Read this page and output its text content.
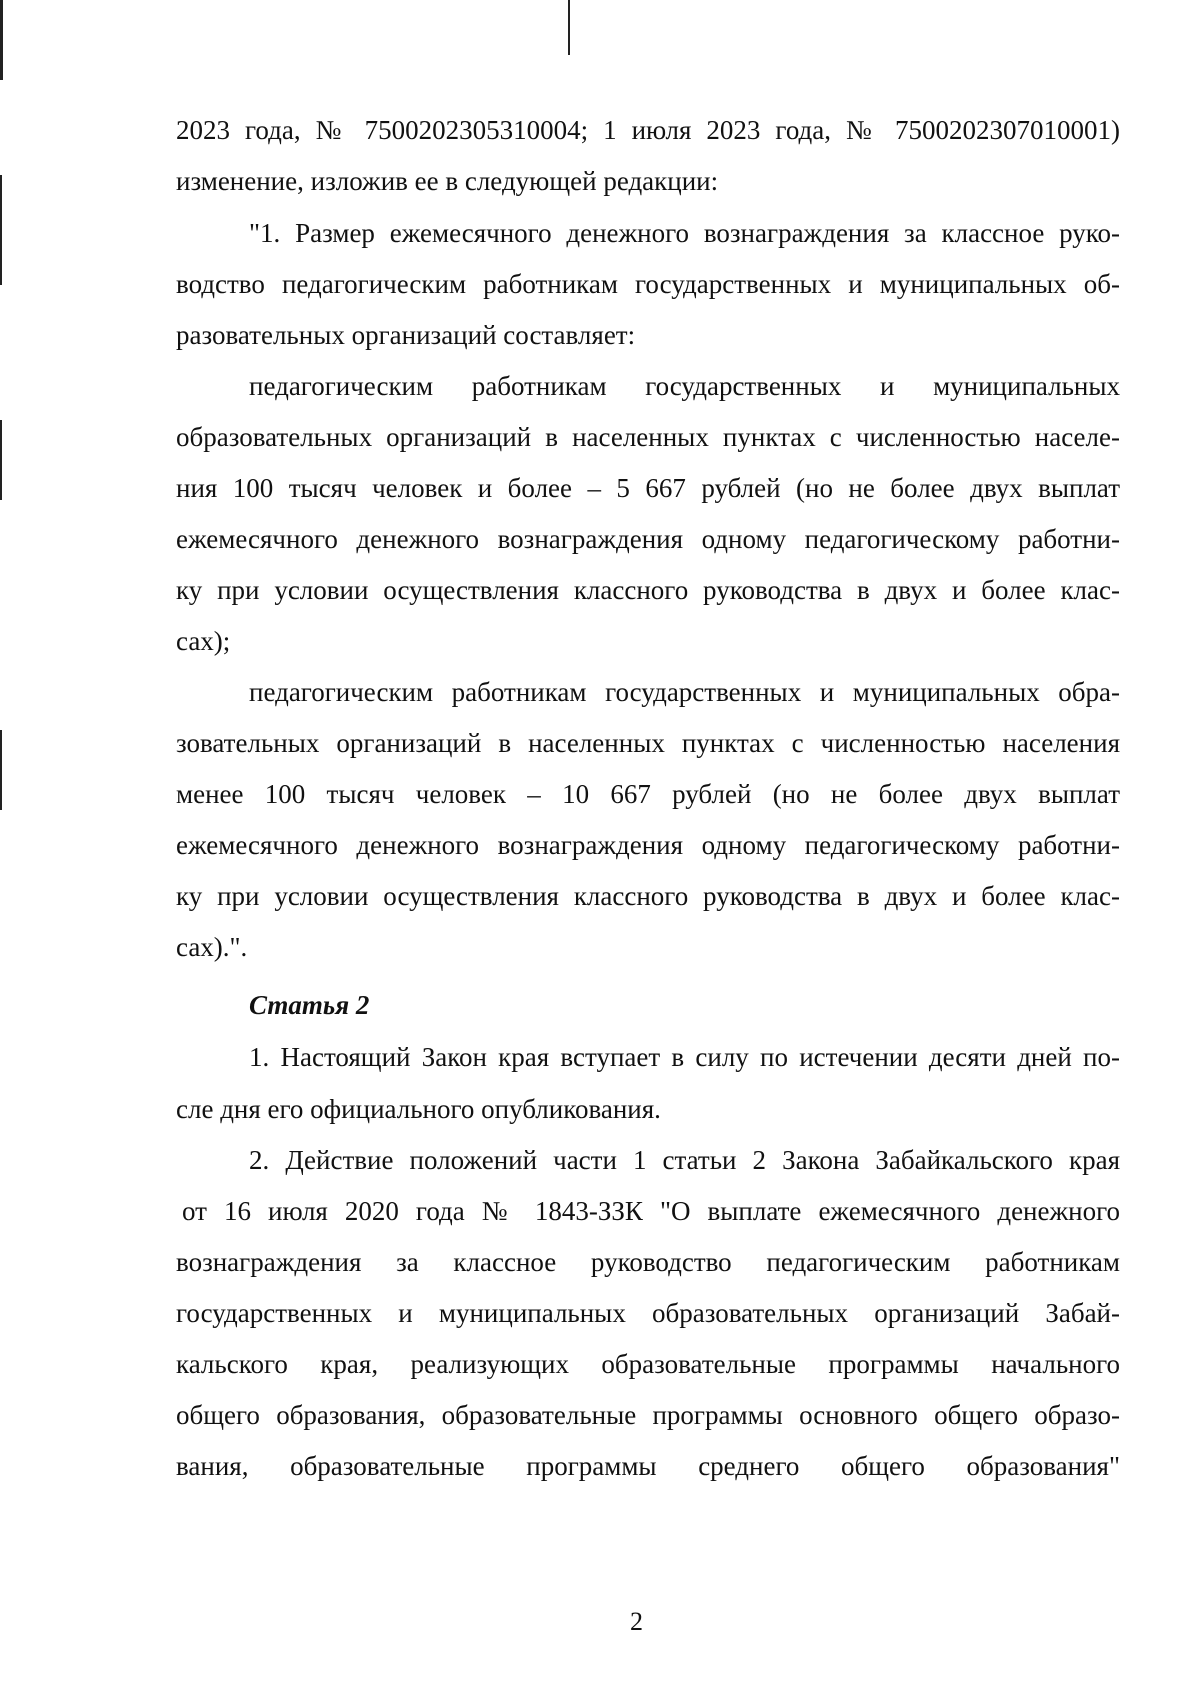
2023 года, № 7500202305310004; 1 июля 2023 года, № 7500202307010001)
изменение, изложив ее в следующей редакции:
"1. Размер ежемесячного денежного вознаграждения за классное руко-
водство педагогическим работникам государственных и муниципальных об-
разовательных организаций составляет:
педагогическим работникам государственных и муниципальных
образовательных организаций в населенных пунктах с численностью населе-
ния 100 тысяч человек и более – 5 667 рублей (но не более двух выплат
ежемесячного денежного вознаграждения одному педагогическому работни-
ку при условии осуществления классного руководства в двух и более клас-
сах);
педагогическим работникам государственных и муниципальных обра-
зовательных организаций в населенных пунктах с численностью населения
менее 100 тысяч человек – 10 667 рублей (но не более двух выплат
ежемесячного денежного вознаграждения одному педагогическому работни-
ку при условии осуществления классного руководства в двух и более клас-
сах).".
Статья 2
1. Настоящий Закон края вступает в силу по истечении десяти дней по-
сле дня его официального опубликования.
2. Действие положений части 1 статьи 2 Закона Забайкальского края
от 16 июля 2020 года № 1843-ЗЗК "О выплате ежемесячного денежного
вознаграждения за классное руководство педагогическим работникам
государственных и муниципальных образовательных организаций Забай-
кальского края, реализующих образовательные программы начального
общего образования, образовательные программы основного общего образо-
вания, образовательные программы среднего общего образования"
2
